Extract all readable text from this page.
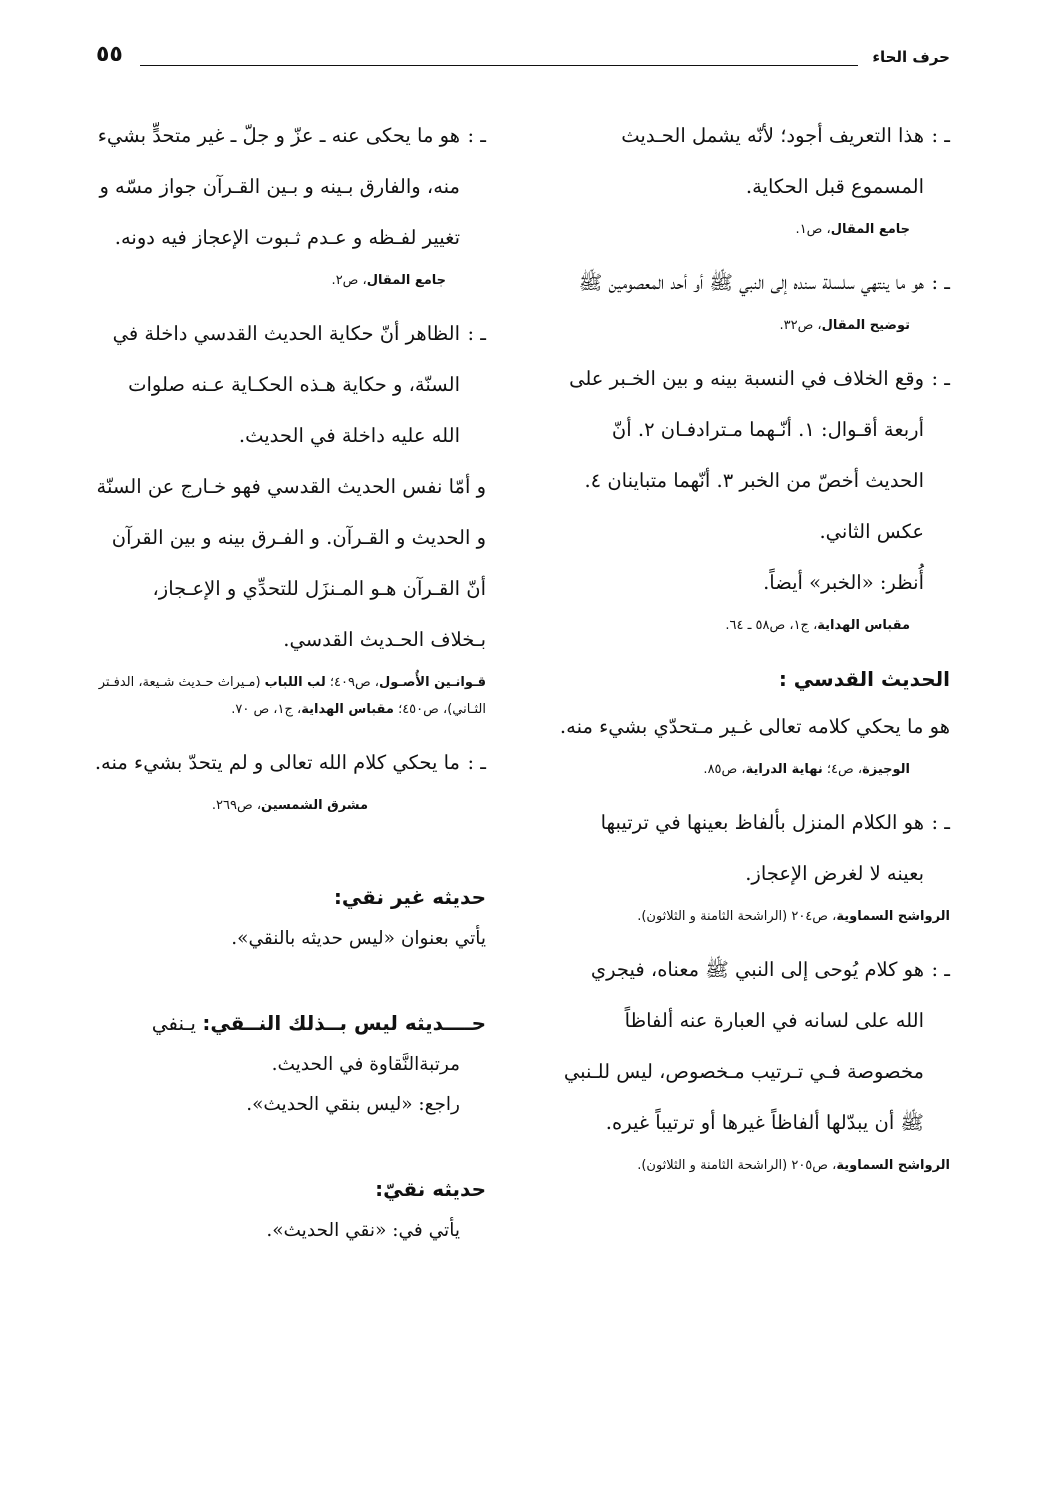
٥٥	حرف الحاء
ـ : هذا التعريف أجود؛ لأنّه يشمل الحـديث المسموع قبل الحكاية.
جامع المقال، ص١.
ـ : هو ما ينتهي سلسلة سنده إلى النبي ﷺ أو أحد المعصومين ﷺ
توضيح المقال، ص٣٢.
ـ : وقع الخلاف في النسبة بينه و بين الخـبر على أربعة أقـوال: ١. أنّـهما مـترادفـان ٢. أنّ الحديث أخصّ من الخبر ٣. أنّهما متباينان ٤. عكس الثاني.
أُنظر: «الخبر» أيضاً.
مقباس الهداية، ج١، ص٥٨ ـ ٦٤.
الحديث القدسي :
هو ما يحكي كلامه تعالى غـير مـتحدّي بشيء منه.
الوجيزة، ص٤؛ نهاية الدراية، ص٨٥.
ـ : هو الكلام المنزل بألفاظ بعينها في ترتيبها بعينه لا لغرض الإعجاز.
الرواشح السماوية، ص٢٠٤ (الراشحة الثامنة و الثلاثون).
ـ : هو كلام يُوحى إلى النبي ﷺ معناه، فيجري الله على لسانه في العبارة عنه ألفاظاً مخصوصة فـي تـرتيب مـخصوص، ليس للـنبي ﷺ أن يبدّلها ألفاظاً غيرها أو ترتيباً غيره.
الرواشح السماوية، ص٢٠٥ (الراشحة الثامنة و الثلاثون).
ـ : هو ما يحكى عنه ـ عزّ و جلّ ـ غير متحدٍّ بشيء منه، والفارق بـينه و بـين القـرآن جواز مسّه و تغيير لفـظه و عـدم ثـبوت الإعجاز فيه دونه.
جامع المقال، ص٢.
ـ : الظاهر أنّ حكاية الحديث القدسي داخلة في السنّة، و حكاية هـذه الحكـاية عـنه صلوات الله عليه داخلة في الحديث.
و أمّا نفس الحديث القدسي فهو خـارج عن السنّة و الحديث و القـرآن. و الفـرق بينه و بين القرآن أنّ القـرآن هـو المـنزَل للتحدِّي و الإعـجاز، بـخلاف الحـديث القدسي.
قـوانـين الأُصـول، ص٤٠٩؛ لب اللباب (مـيراث حـديث شـيعة، الدفـتر الثـاني)، ص٤٥٠؛ مقباس الهداية، ج١، ص ٧٠.
ـ : ما يحكي كلام الله تعالى و لم يتحدّ بشيء منه.
مشرق الشمسين، ص٢٦٩.
حديثه غير نقي:
يأتي بعنوان «ليس حديثه بالنقي».
حــــديثه ليس بــذلك النــقي: يـنفي
مرتبةالنَّقاوة في الحديث.
راجع: «ليس بنقي الحديث».
حديثه نقيّ:
يأتي في: «نقي الحديث».
